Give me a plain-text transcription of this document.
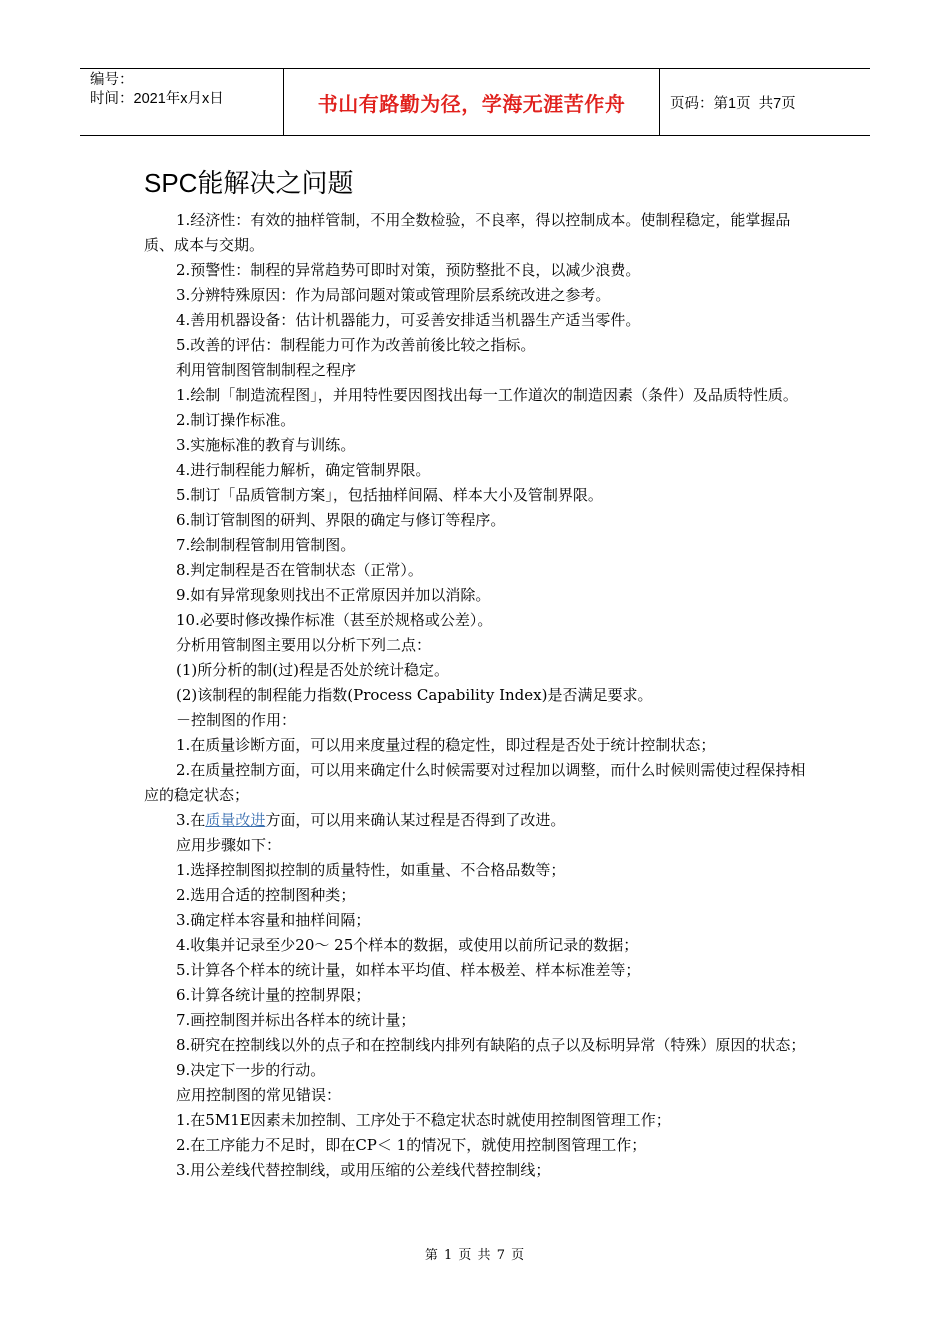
编号：
时间：2021年x月x日	书山有路勤为径，学海无涯苦作舟	页码：第1页  共7页
SPC能解决之问题

1.经济性：有效的抽样管制，不用全数检验，不良率，得以控制成本。使制程稳定，能掌握品质、成本与交期。

2.预警性：制程的异常趋势可即时对策，预防整批不良，以减少浪费。

3.分辨特殊原因：作为局部问题对策或管理阶层系统改进之参考。

4.善用机器设备：估计机器能力，可妥善安排适当机器生产适当零件。

5.改善的评估：制程能力可作为改善前後比较之指标。

利用管制图管制制程之程序

1.绘制「制造流程图」，并用特性要因图找出每一工作道次的制造因素（条件）及品质特性质。

2.制订操作标准。

3.实施标准的教育与训练。

4.进行制程能力解析，确定管制界限。

5.制订「品质管制方案」，包括抽样间隔、样本大小及管制界限。

6.制订管制图的研判、界限的确定与修订等程序。

7.绘制制程管制用管制图。

8.判定制程是否在管制状态（正常）。

9.如有异常现象则找出不正常原因并加以消除。

10.必要时修改操作标准（甚至於规格或公差）。

分析用管制图主要用以分析下列二点：

(1)所分析的制(过)程是否处於统计稳定。

(2)该制程的制程能力指数(Process Capability Index)是否满足要求。

－控制图的作用：

1.在质量诊断方面，可以用来度量过程的稳定性，即过程是否处于统计控制状态；

2.在质量控制方面，可以用来确定什么时候需要对过程加以调整，而什么时候则需使过程保持相应的稳定状态；

3.在质量改进方面，可以用来确认某过程是否得到了改进。

应用步骤如下：

1.选择控制图拟控制的质量特性，如重量、不合格品数等；

2.选用合适的控制图种类；

3.确定样本容量和抽样间隔；

4.收集并记录至少20～ 25个样本的数据，或使用以前所记录的数据；

5.计算各个样本的统计量，如样本平均值、样本极差、样本标准差等；

6.计算各统计量的控制界限；

7.画控制图并标出各样本的统计量；

8.研究在控制线以外的点子和在控制线内排列有缺陷的点子以及标明异常（特殊）原因的状态；

9.决定下一步的行动。

应用控制图的常见错误：

1.在5M1E因素未加控制、工序处于不稳定状态时就使用控制图管理工作；

2.在工序能力不足时，即在CP＜ 1的情况下，就使用控制图管理工作；

3.用公差线代替控制线，或用压缩的公差线代替控制线；

第 1 页 共 7 页
